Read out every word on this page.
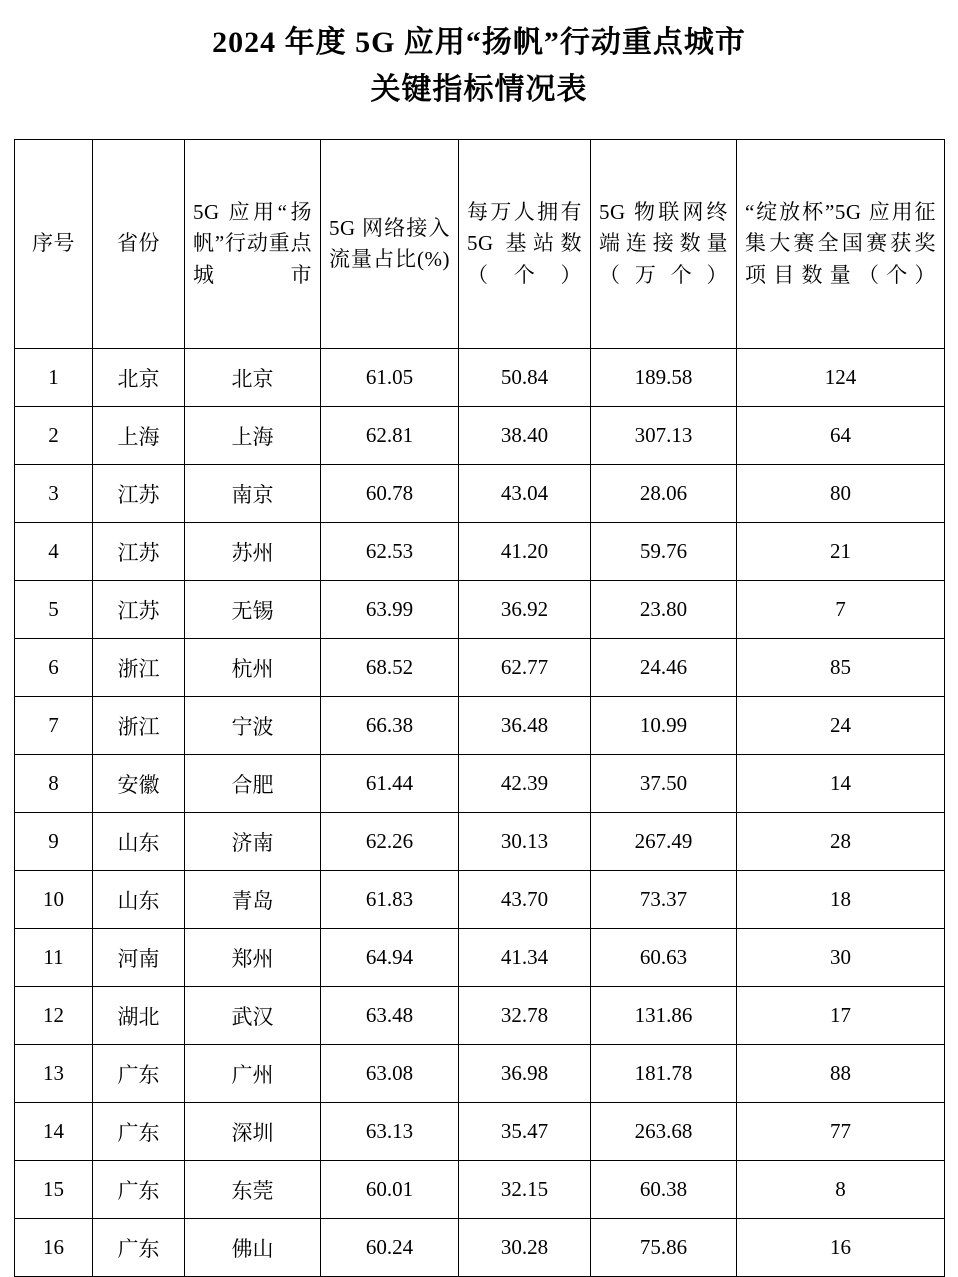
2024 年度 5G 应用“扬帆”行动重点城市
关键指标情况表
序号	省份	5G 应用“扬帆”行动重点城市	5G 网络接入流量占比(%)	每万人拥有 5G 基站数（个）	5G 物联网终端连接数量（万个）	“绽放杯”5G 应用征集大赛全国赛获奖项目数量（个）

1	北京	北京	61.05	50.84	189.58	124
2	上海	上海	62.81	38.40	307.13	64
3	江苏	南京	60.78	43.04	28.06	80
4	江苏	苏州	62.53	41.20	59.76	21
5	江苏	无锡	63.99	36.92	23.80	7
6	浙江	杭州	68.52	62.77	24.46	85
7	浙江	宁波	66.38	36.48	10.99	24
8	安徽	合肥	61.44	42.39	37.50	14
9	山东	济南	62.26	30.13	267.49	28
10	山东	青岛	61.83	43.70	73.37	18
11	河南	郑州	64.94	41.34	60.63	30
12	湖北	武汉	63.48	32.78	131.86	17
13	广东	广州	63.08	36.98	181.78	88
14	广东	深圳	63.13	35.47	263.68	77
15	广东	东莞	60.01	32.15	60.38	8
16	广东	佛山	60.24	30.28	75.86	16
